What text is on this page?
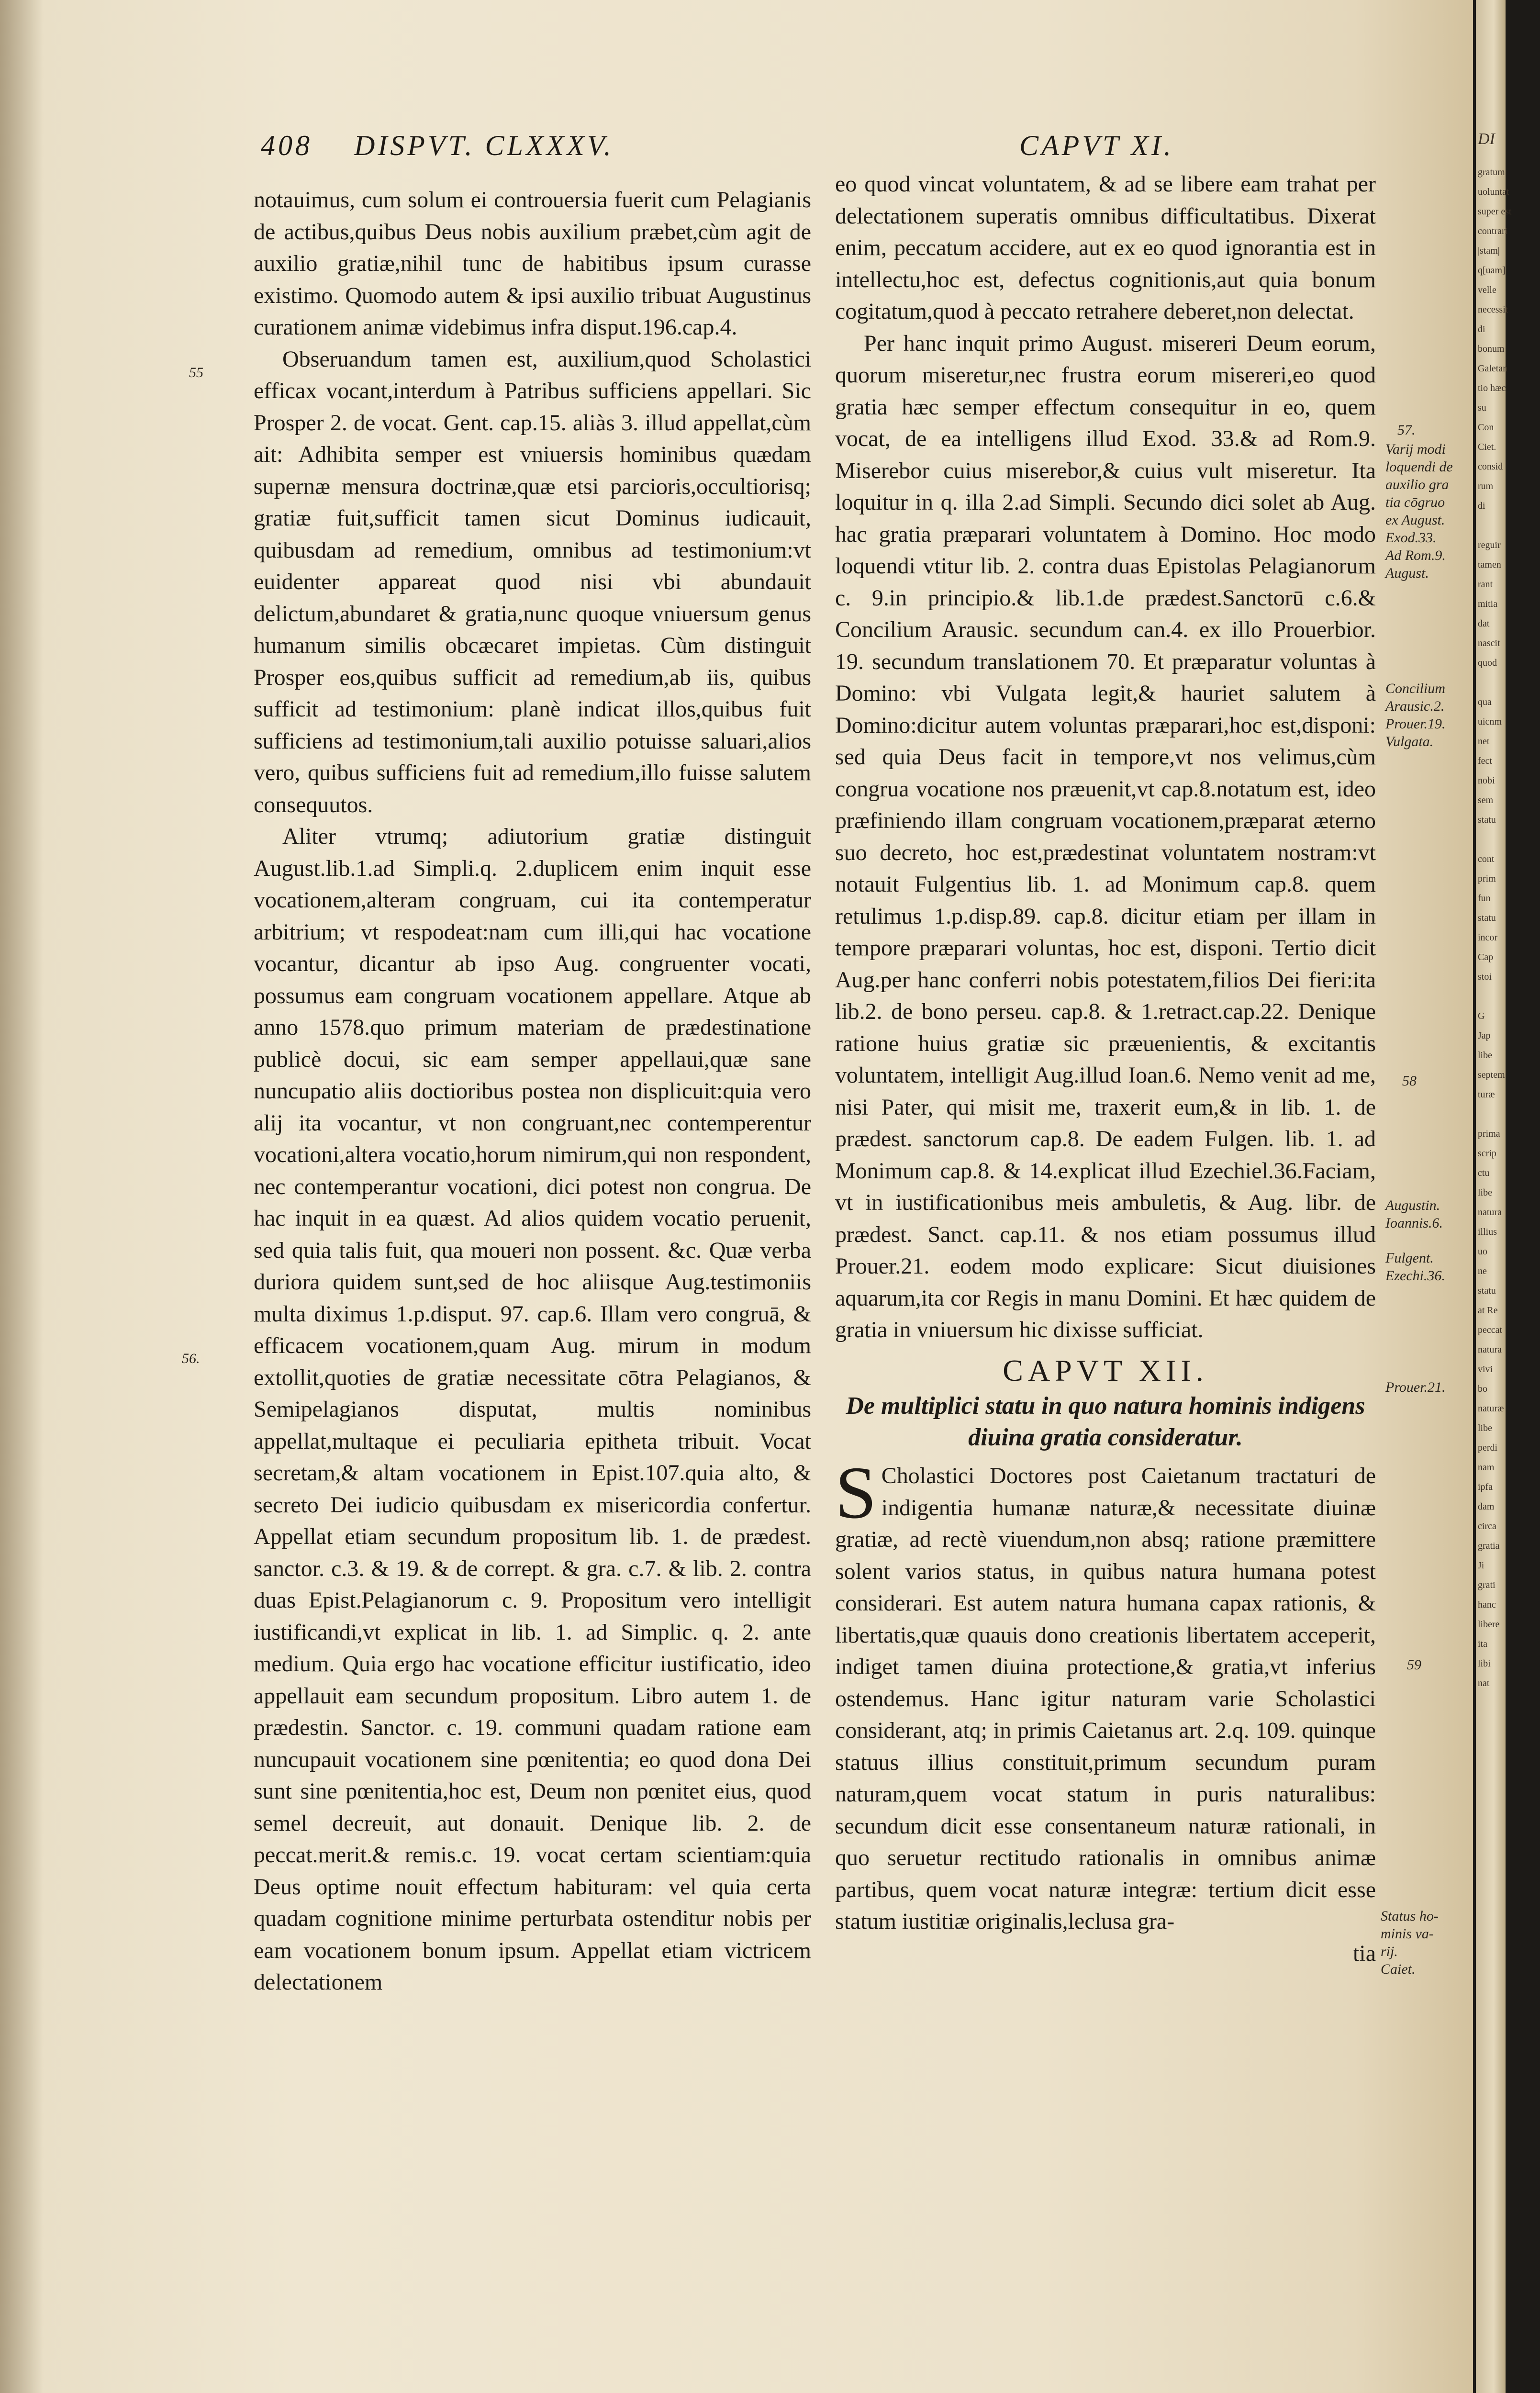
408 DISPVT. CLXXXV.	CAPVT XI.
55
56.

notauimus, cum solum ei controuersia fuerit cum Pelagianis de actibus,quibus Deus nobis auxilium præbet,cùm agit de auxilio gratiæ,nihil tunc de habitibus ipsum curasse existimo. Quomodo autem & ipsi auxilio tribuat Augustinus curationem animæ videbimus infra disput.196.cap.4.

Obseruandum tamen est, auxilium,quod Scholastici efficax vocant,interdum à Patribus sufficiens appellari. Sic Prosper 2. de vocat. Gent. cap.15. aliàs 3. illud appellat,cùm ait: Adhibita semper est vniuersis hominibus quædam supernæ mensura doctrinæ,quæ etsi parcioris,occultiorisq; gratiæ fuit,sufficit tamen sicut Dominus iudicauit, quibusdam ad remedium, omnibus ad testimonium:vt euidenter appareat quod nisi vbi abundauit delictum,abundaret & gratia,nunc quoque vniuersum genus humanum similis obcæcaret impietas. Cùm distinguit Prosper eos,quibus sufficit ad remedium,ab iis, quibus sufficit ad testimonium: planè indicat illos,quibus fuit sufficiens ad testimonium,tali auxilio potuisse saluari,alios vero, quibus sufficiens fuit ad remedium,illo fuisse salutem consequutos.

Aliter vtrumq; adiutorium gratiæ distinguit August.lib.1.ad Simpli.q. 2.duplicem enim inquit esse vocationem,alteram congruam, cui ita contemperatur arbitrium; vt respodeat:nam cum illi,qui hac vocatione vocantur, dicantur ab ipso Aug. congruenter vocati, possumus eam congruam vocationem appellare. Atque ab anno 1578.quo primum materiam de prædestinatione publicè docui, sic eam semper appellaui,quæ sane nuncupatio aliis doctioribus postea non displicuit:quia vero alij ita vocantur, vt non congruant,nec contemperentur vocationi,altera vocatio,horum nimirum,qui non respondent, nec contemperantur vocationi, dici potest non congrua. De hac inquit in ea quæst. Ad alios quidem vocatio peruenit, sed quia talis fuit, qua moueri non possent. &c. Quæ verba duriora quidem sunt,sed de hoc aliisque Aug.testimoniis multa diximus 1.p.disput. 97. cap.6. Illam vero congruā, & efficacem vocationem,quam Aug. mirum in modum extollit,quoties de gratiæ necessitate cōtra Pelagianos, & Semipelagianos disputat, multis nominibus appellat,multaque ei peculiaria epitheta tribuit. Vocat secretam,& altam vocationem in Epist.107.quia alto, & secreto Dei iudicio quibusdam ex misericordia confertur. Appellat etiam secundum propositum lib. 1. de prædest. sanctor. c.3. & 19. & de corrept. & gra. c.7. & lib. 2. contra duas Epist.Pelagianorum c. 9. Propositum vero intelligit iustificandi,vt explicat in lib. 1. ad Simplic. q. 2. ante medium. Quia ergo hac vocatione efficitur iustificatio, ideo appellauit eam secundum propositum. Libro autem 1. de prædestin. Sanctor. c. 19. communi quadam ratione eam nuncupauit vocationem sine pœnitentia; eo quod dona Dei sunt sine pœnitentia,hoc est, Deum non pœnitet eius, quod semel decreuit, aut donauit. Denique lib. 2. de peccat.merit.& remis.c. 19. vocat certam scientiam:quia Deus optime nouit effectum habituram: vel quia certa quadam cognitione minime perturbata ostenditur nobis per eam vocationem bonum ipsum. Appellat etiam victricem delectationem

eo quod vincat voluntatem, & ad se libere eam trahat per delectationem superatis omnibus difficultatibus. Dixerat enim, peccatum accidere, aut ex eo quod ignorantia est in intellectu,hoc est, defectus cognitionis,aut quia bonum cogitatum,quod à peccato retrahere deberet,non delectat.

Per hanc inquit primo August. misereri Deum eorum, quorum miseretur,nec frustra eorum misereri,eo quod gratia hæc semper effectum consequitur in eo, quem vocat, de ea intelligens illud Exod. 33.& ad Rom.9. Miserebor cuius miserebor,& cuius vult miseretur. Ita loquitur in q. illa 2.ad Simpli. Secundo dici solet ab Aug. hac gratia præparari voluntatem à Domino. Hoc modo loquendi vtitur lib. 2. contra duas Epistolas Pelagianorum c. 9.in principio.& lib.1.de prædest.Sanctorū c.6.& Concilium Arausic. secundum can.4. ex illo Prouerbior. 19. secundum translationem 70. Et præparatur voluntas à Domino: vbi Vulgata legit,& hauriet salutem à Domino:dicitur autem voluntas præparari,hoc est,disponi: sed quia Deus facit in tempore,vt nos velimus,cùm congrua vocatione nos præuenit,vt cap.8.notatum est, ideo præfiniendo illam congruam vocationem,præparat æterno suo decreto, hoc est,prædestinat voluntatem nostram:vt notauit Fulgentius lib. 1. ad Monimum cap.8. quem retulimus 1.p.disp.89. cap.8. dicitur etiam per illam in tempore præparari voluntas, hoc est, disponi. Tertio dicit Aug.per hanc conferri nobis potestatem,filios Dei fieri:ita lib.2. de bono perseu. cap.8. & 1.retract.cap.22. Denique ratione huius gratiæ sic præuenientis, & excitantis voluntatem, intelligit Aug.illud Ioan.6. Nemo venit ad me, nisi Pater, qui misit me, traxerit eum,& in lib. 1. de prædest. sanctorum cap.8. De eadem Fulgen. lib. 1. ad Monimum cap.8. & 14.explicat illud Ezechiel.36.Faciam, vt in iustificationibus meis ambuletis, & Aug. libr. de prædest. Sanct. cap.11. & nos etiam possumus illud Prouer.21. eodem modo explicare: Sicut diuisiones aquarum,ita cor Regis in manu Domini. Et hæc quidem de gratia in vniuersum hic dixisse sufficiat.

CAPVT XII.
De multiplici statu in quo natura hominis indigens diuina gratia consideratur.

S Cholastici Doctores post Caietanum tractaturi de indigentia humanæ naturæ,& necessitate diuinæ gratiæ, ad rectè viuendum,non absq; ratione præmittere solent varios status, in quibus natura humana potest considerari. Est autem natura humana capax rationis, & libertatis,quæ quauis dono creationis libertatem acceperit, indiget tamen diuina protectione,& gratia,vt inferius ostendemus. Hanc igitur naturam varie Scholastici considerant, atq; in primis Caietanus art. 2.q. 109. quinque statuus illius constituit,primum secundum puram naturam,quem vocat statum in puris naturalibus: secundum dicit esse consentaneum naturæ rationali, in quo seruetur rectitudo rationalis in omnibus animæ partibus, quem vocat naturæ integræ: tertium dicit esse statum iustitiæ originalis,leclusa gra-

tia
57.
Varij modi
loquendi de
auxilio gra
tia cōgruo
ex August.
Exod.33.
Ad Rom.9.
August.
Concilium
Arausic.2.
Prouer.19.
Vulgata.
58
Augustin.
Ioannis.6.
Fulgent.
Ezechi.36.
Prouer.21.
59
Status ho-
minis va-
rij.
Caiet.
DI
gratum
uoluntat
super est
contrari
|stam|
q[uam]
velle
necessit
di
bonum
Galetan
tio hæc
su
Con
Ciet.
consid
rum
di

reguir
tamen
rant
mitia
dat
nascit
quod

qua
uicnm
net
fect
nobi
sem
statu

cont
prim
fun
statu
incor
Cap
stoi

G
Jap
libe
septem
turæ

prima
scrip
ctu
libe
natura
illius
uo
ne
statu
at Re
peccat
natura
vivi
bo
naturæ
libe
perdi
nam
ipfa
dam
circa
gratia
Ji
grati
hanc
libere
ita
libi
nat
